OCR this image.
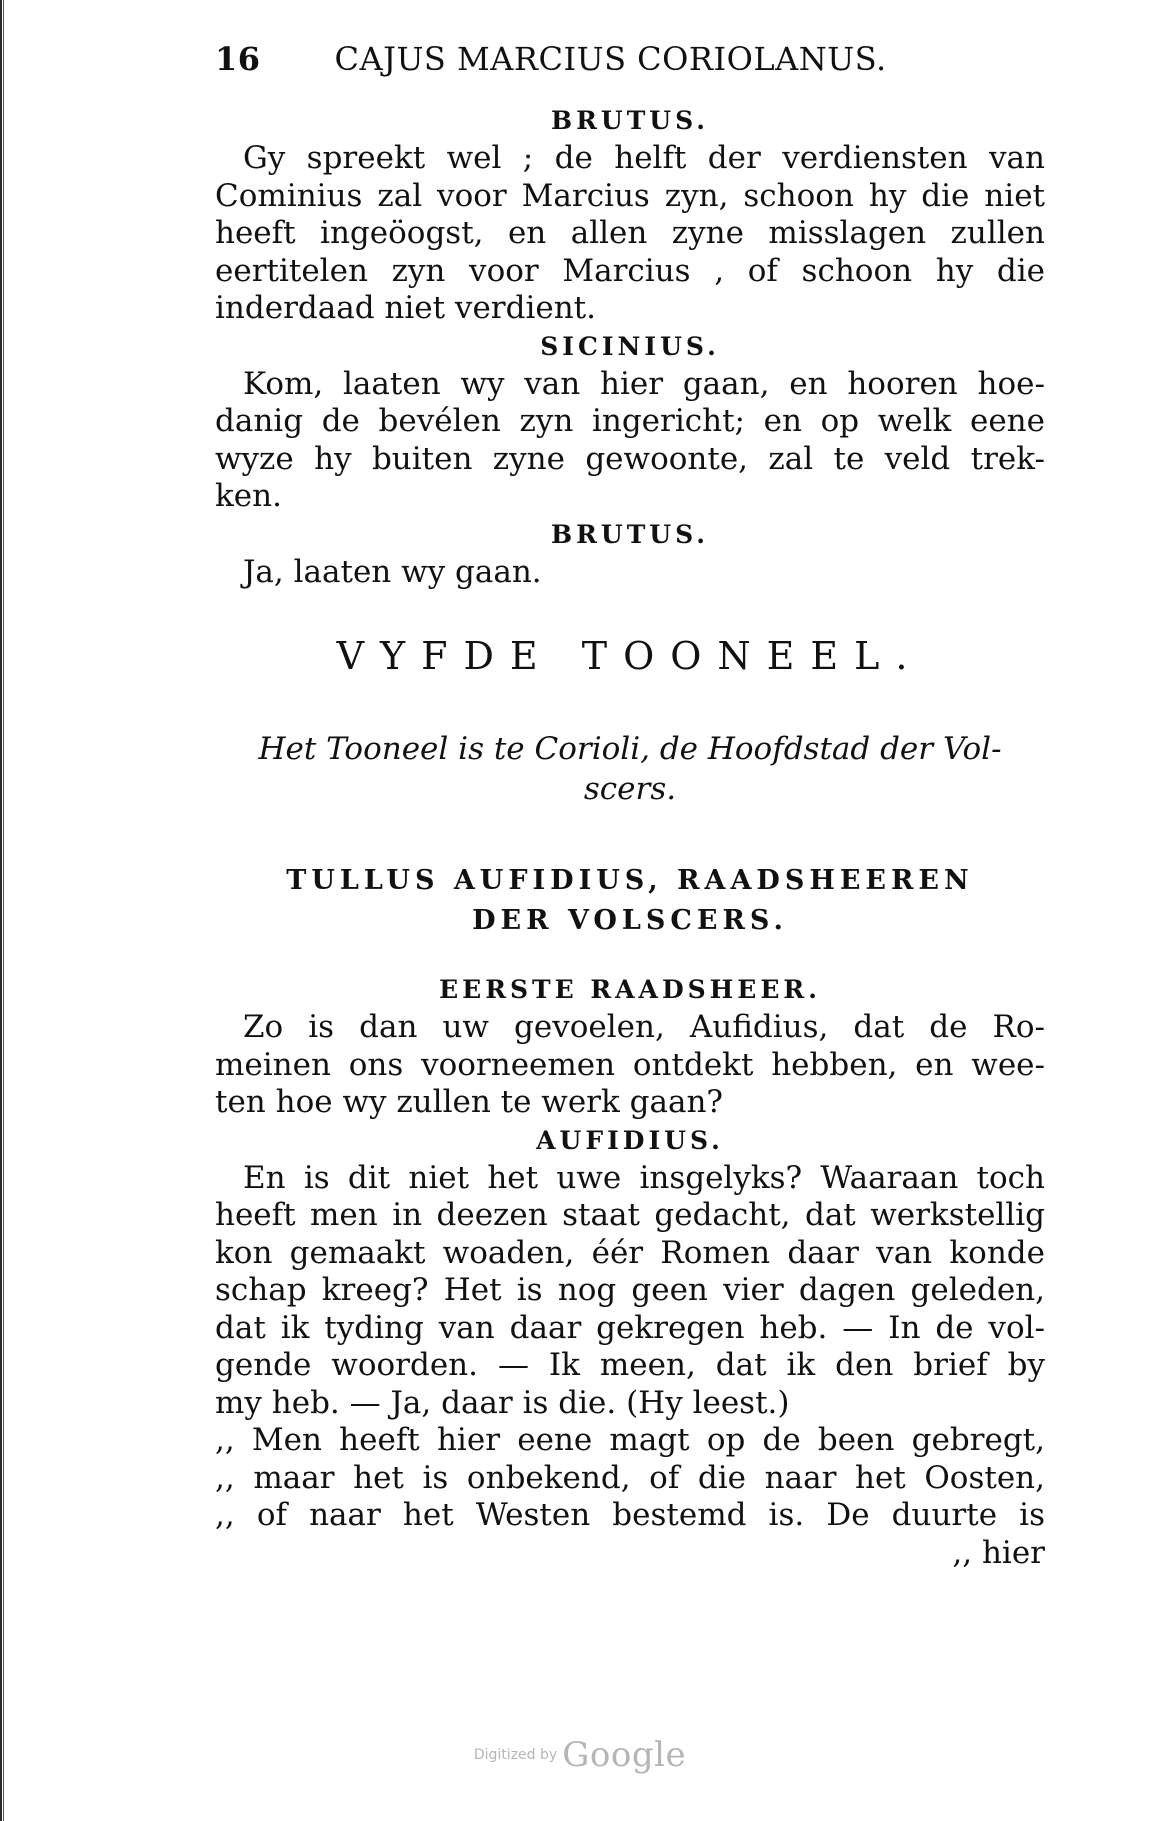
16 CAJUS MARCIUS CORIOLANUS.

BRUTUS.

Gy spreekt wel ; de helft der verdiensten van
Cominius zal voor Marcius zyn, schoon hy die niet
heeft ingeöogst, en allen zyne misslagen zullen
eertitelen zyn voor Marcius , of schoon hy die
inderdaad niet verdient.

SICINIUS.

Kom, laaten wy van hier gaan, en hooren hoe-
danig de bevélen zyn ingericht; en op welk eene
wyze hy buiten zyne gewoonte, zal te veld trek-
ken.

BRUTUS.

Ja, laaten wy gaan.

VYFDE TOONEEL.

Het Tooneel is te Corioli, de Hoofdstad der Vol-
scers.

TULLUS AUFIDIUS, RAADSHEEREN
DER VOLSCERS.

EERSTE RAADSHEER.

Zo is dan uw gevoelen, Aufidius, dat de Ro-
meinen ons voorneemen ontdekt hebben, en wee-
ten hoe wy zullen te werk gaan?

AUFIDIUS.

En is dit niet het uwe insgelyks? Waaraan toch
heeft men in deezen staat gedacht, dat werkstellig
kon gemaakt woaden, éér Romen daar van konde
schap kreeg? Het is nog geen vier dagen geleden,
dat ik tyding van daar gekregen heb. — In de vol-
gende woorden. — Ik meen, dat ik den brief by
my heb. — Ja, daar is die. (Hy leest.)

,, Men heeft hier eene magt op de been gebregt,
,, maar het is onbekend, of die naar het Oosten,
,, of naar het Westen bestemd is. De duurte is
,, hier

Digitized by Google
